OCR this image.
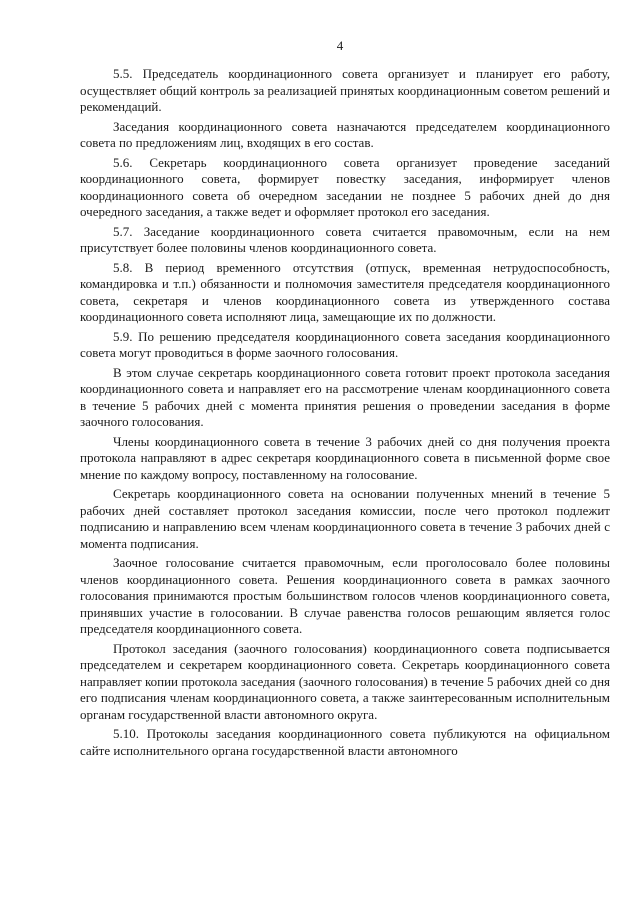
4

5.5. Председатель координационного совета организует и планирует его работу, осуществляет общий контроль за реализацией принятых координационным советом решений и рекомендаций.

Заседания координационного совета назначаются председателем координационного совета по предложениям лиц, входящих в его состав.

5.6. Секретарь координационного совета организует проведение заседаний координационного совета, формирует повестку заседания, информирует членов координационного совета об очередном заседании не позднее 5 рабочих дней до дня очередного заседания, а также ведет и оформляет протокол его заседания.

5.7. Заседание координационного совета считается правомочным, если на нем присутствует более половины членов координационного совета.

5.8. В период временного отсутствия (отпуск, временная нетрудоспособность, командировка и т.п.) обязанности и полномочия заместителя председателя координационного совета, секретаря и членов координационного совета из утвержденного состава координационного совета исполняют лица, замещающие их по должности.

5.9. По решению председателя координационного совета заседания координационного совета могут проводиться в форме заочного голосования.

В этом случае секретарь координационного совета готовит проект протокола заседания координационного совета и направляет его на рассмотрение членам координационного совета в течение 5 рабочих дней с момента принятия решения о проведении заседания в форме заочного голосования.

Члены координационного совета в течение 3 рабочих дней со дня получения проекта протокола направляют в адрес секретаря координационного совета в письменной форме свое мнение по каждому вопросу, поставленному на голосование.

Секретарь координационного совета на основании полученных мнений в течение 5 рабочих дней составляет протокол заседания комиссии, после чего протокол подлежит подписанию и направлению всем членам координационного совета в течение 3 рабочих дней с момента подписания.

Заочное голосование считается правомочным, если проголосовало более половины членов координационного совета. Решения координационного совета в рамках заочного голосования принимаются простым большинством голосов членов координационного совета, принявших участие в голосовании. В случае равенства голосов решающим является голос председателя координационного совета.

Протокол заседания (заочного голосования) координационного совета подписывается председателем и секретарем координационного совета. Секретарь координационного совета направляет копии протокола заседания (заочного голосования) в течение 5 рабочих дней со дня его подписания членам координационного совета, а также заинтересованным исполнительным органам государственной власти автономного округа.

5.10. Протоколы заседания координационного совета публикуются на официальном сайте исполнительного органа государственной власти автономного
